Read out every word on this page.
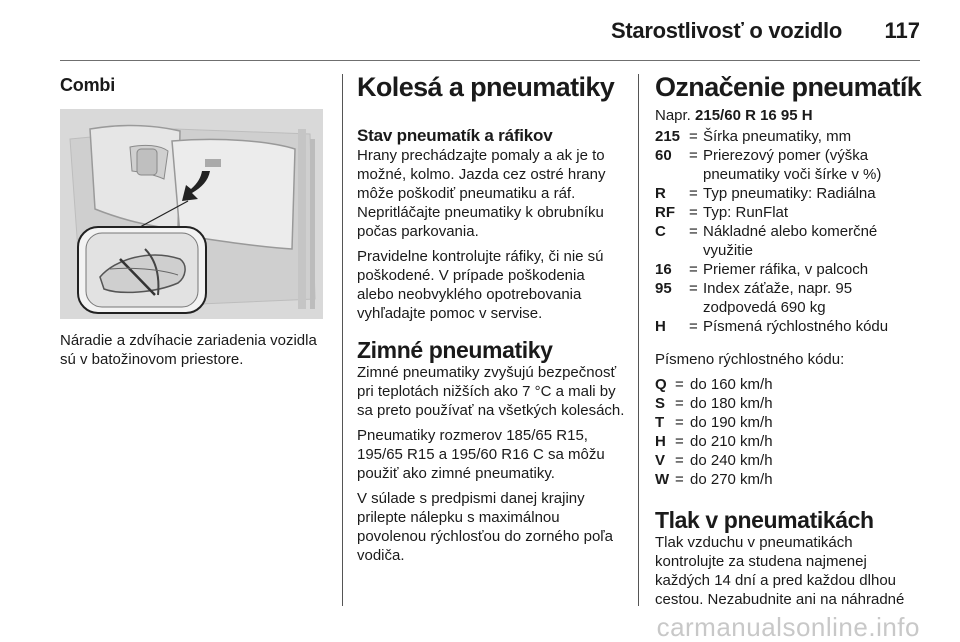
Starostlivosť o vozidlo 117
Combi

Náradie a zdvíhacie zariadenia vozidla sú v batožinovom priestore.

Kolesá a pneumatiky
Stav pneumatík a ráfikov

Hrany prechádzajte pomaly a ak je to možné, kolmo. Jazda cez ostré hrany môže poškodiť pneumatiku a ráf. Nepritláčajte pneumatiky k obrubníku počas parkovania.

Pravidelne kontrolujte ráfiky, či nie sú poškodené. V prípade poškodenia alebo neobvyklého opotrebovania vyhľadajte pomoc v servise.

Zimné pneumatiky

Zimné pneumatiky zvyšujú bezpečnosť pri teplotách nižších ako 7 °C a mali by sa preto používať na všetkých kolesách.

Pneumatiky rozmerov 185/65 R15, 195/65 R15 a 195/60 R16 C sa môžu použiť ako zimné pneumatiky.

V súlade s predpismi danej krajiny prilepte nálepku s maximálnou povolenou rýchlosťou do zorného poľa vodiča.

Označenie pneumatík
Napr. 215/60 R 16 95 H
215 = Šírka pneumatiky, mm
60	= Prierezový pomer (výška pneumatiky voči šírke v %)
R	= Typ pneumatiky: Radiálna
RF = Typ: RunFlat
C	= Nákladné alebo komerčné využitie
16	= Priemer ráfika, v palcoch
95	= Index záťaže, napr. 95 zodpovedá 690 kg
H	= Písmená rýchlostného kódu

Písmeno rýchlostného kódu:

Q = do 160 km/h
S = do 180 km/h
T = do 190 km/h
H = do 210 km/h
V = do 240 km/h
W = do 270 km/h
Tlak v pneumatikách

Tlak vzduchu v pneumatikách kontrolujte za studena najmenej každých 14 dní a pred každou dlhou cestou. Nezabudnite ani na náhradné

carmanualsonline.info
